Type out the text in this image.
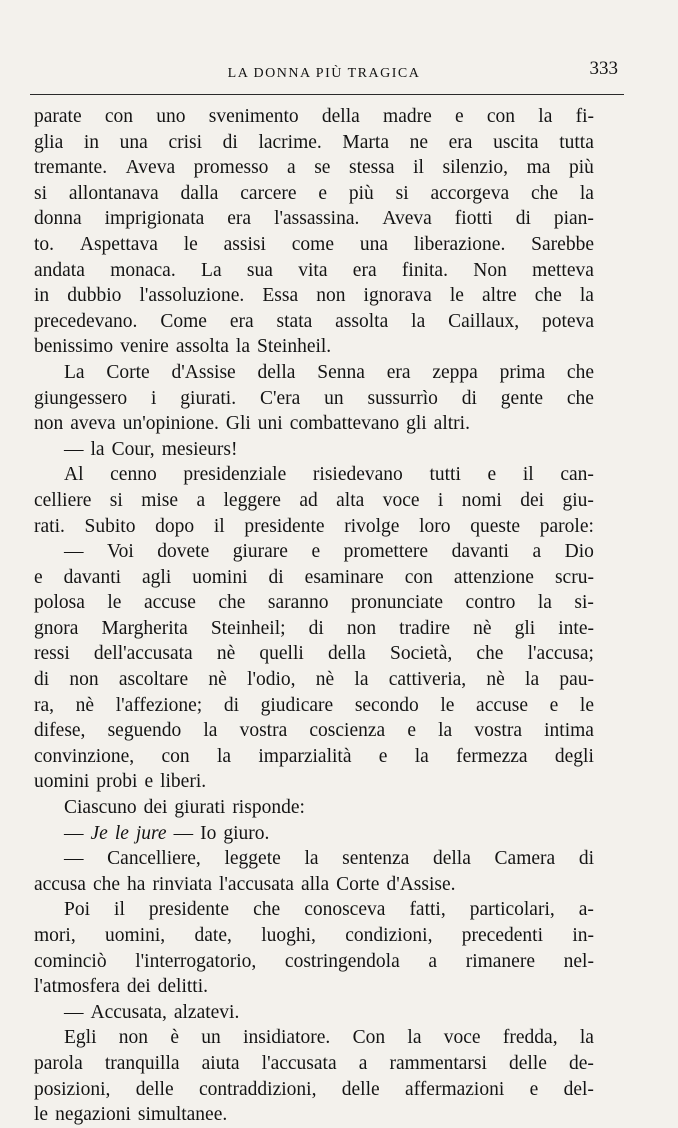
LA DONNA PIÙ TRAGICA	333
parate con uno svenimento della madre e con la fi-
glia in una crisi di lacrime. Marta ne era uscita tutta
tremante. Aveva promesso a se stessa il silenzio, ma più
si allontanava dalla carcere e più si accorgeva che la
donna imprigionata era l'assassina. Aveva fiotti di pian-
to. Aspettava le assisi come una liberazione. Sarebbe
andata monaca. La sua vita era finita. Non metteva
in dubbio l'assoluzione. Essa non ignorava le altre che la
precedevano. Come era stata assolta la Caillaux, poteva
benissimo venire assolta la Steinheil.
La Corte d'Assise della Senna era zeppa prima che
giungessero i giurati. C'era un sussurrìo di gente che
non aveva un'opinione. Gli uni combattevano gli altri.
— la Cour, mesieurs!
Al cenno presidenziale risiedevano tutti e il can-
celliere si mise a leggere ad alta voce i nomi dei giu-
rati. Subito dopo il presidente rivolge loro queste parole:
— Voi dovete giurare e promettere davanti a Dio
e davanti agli uomini di esaminare con attenzione scru-
polosa le accuse che saranno pronunciate contro la si-
gnora Margherita Steinheil; di non tradire nè gli inte-
ressi dell'accusata nè quelli della Società, che l'accusa;
di non ascoltare nè l'odio, nè la cattiveria, nè la pau-
ra, nè l'affezione; di giudicare secondo le accuse e le
difese, seguendo la vostra coscienza e la vostra intima
convinzione, con la imparzialità e la fermezza degli
uomini probi e liberi.
Ciascuno dei giurati risponde:
— Je le jure — Io giuro.
— Cancelliere, leggete la sentenza della Camera di
accusa che ha rinviata l'accusata alla Corte d'Assise.
Poi il presidente che conosceva fatti, particolari, a-
mori, uomini, date, luoghi, condizioni, precedenti in-
cominciò l'interrogatorio, costringendola a rimanere nel-
l'atmosfera dei delitti.
— Accusata, alzatevi.
Egli non è un insidiatore. Con la voce fredda, la
parola tranquilla aiuta l'accusata a rammentarsi delle de-
posizioni, delle contraddizioni, delle affermazioni e del-
le negazioni simultanee.
